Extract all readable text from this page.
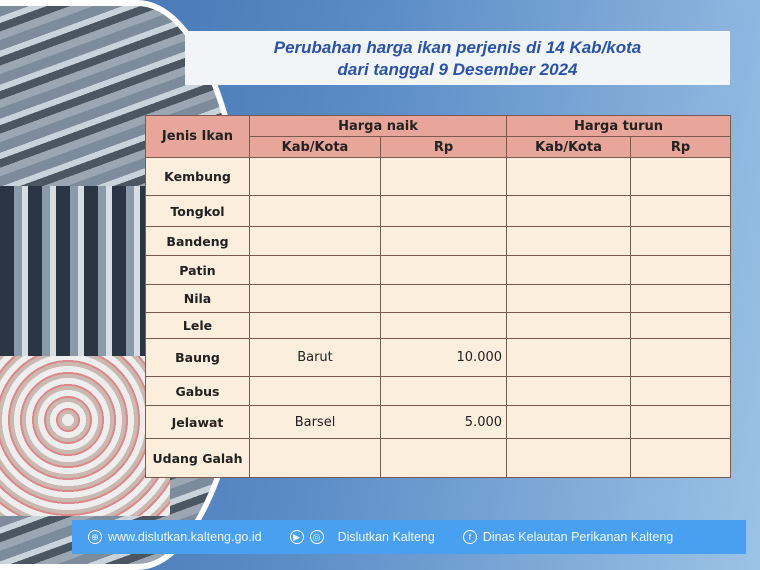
Perubahan harga ikan perjenis di 14 Kab/kota
dari tanggal 9 Desember 2024
Jenis Ikan	Harga naik	Harga turun
Kab/Kota	Rp	Kab/Kota	Rp
Kembung				
Tongkol				
Bandeng				
Patin				
Nila				
Lele				
Baung	Barut	10.000		
Gabus				
Jelawat	Barsel	5.000		
Udang Galah				
⊕ www.dislutkan.kalteng.go.id	▶	◎ Dislutkan Kalteng	f Dinas Kelautan Perikanan Kalteng
